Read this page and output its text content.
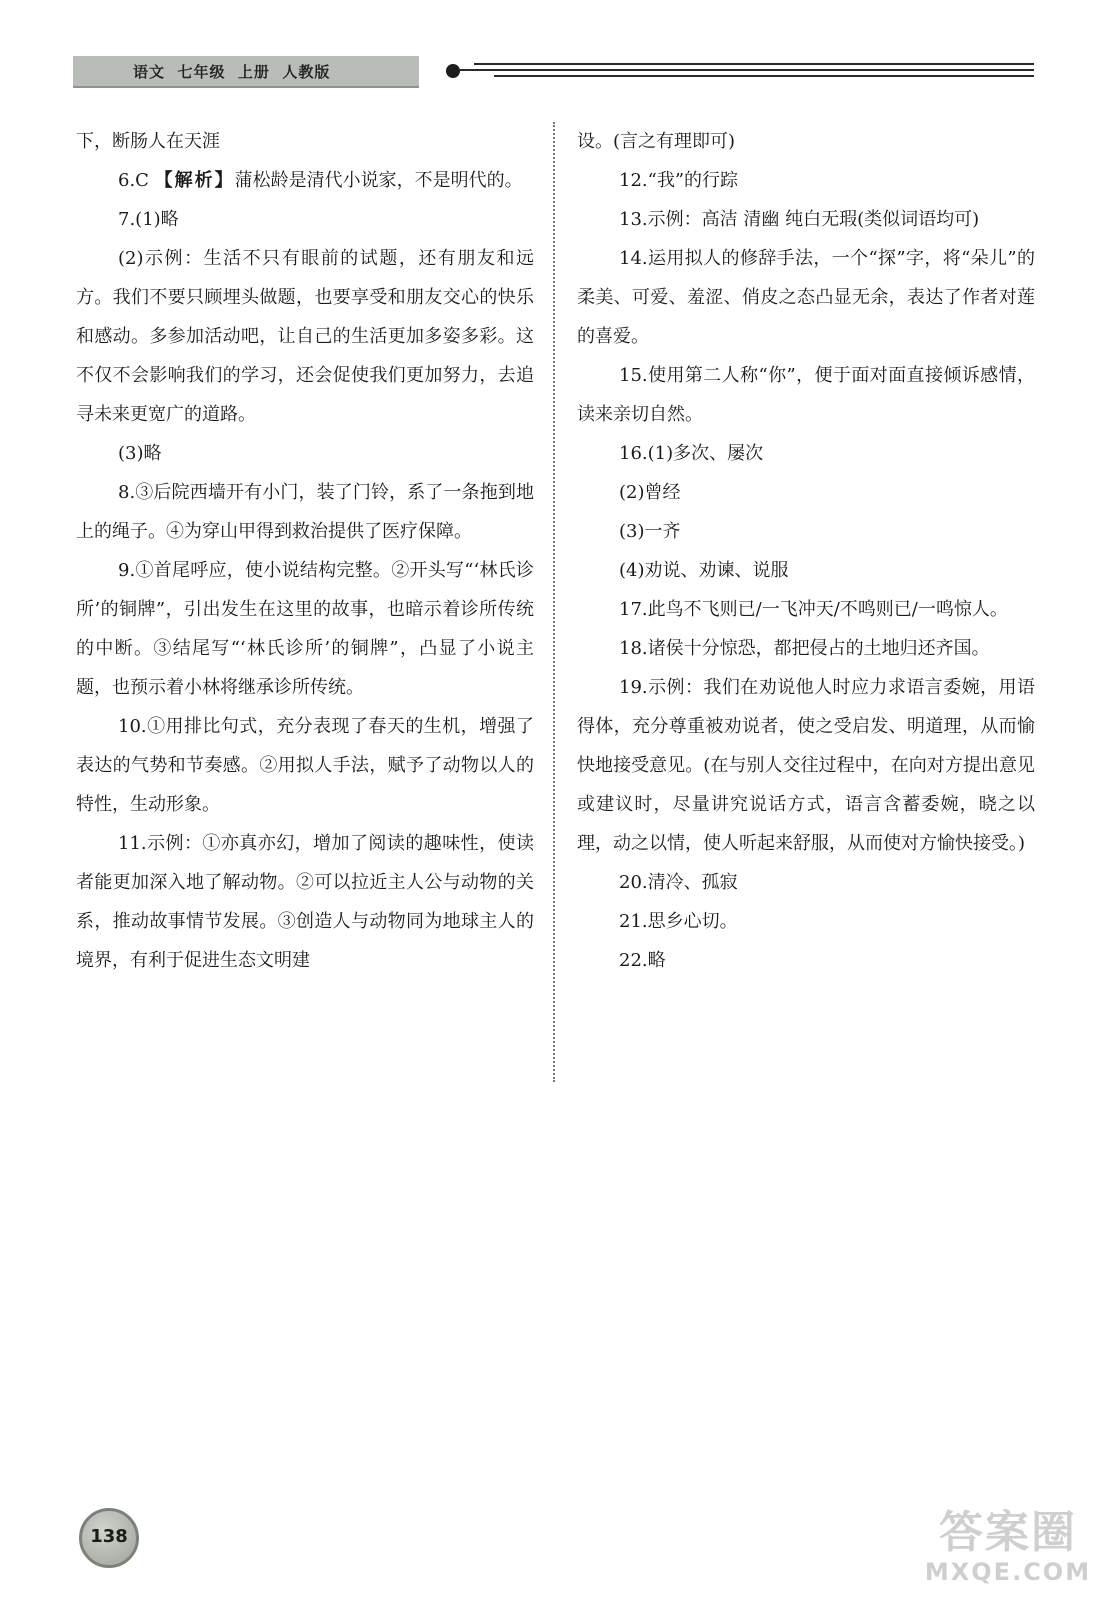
语文  七年级  上册  人教版

下，断肠人在天涯

6.C 【解析】蒲松龄是清代小说家，不是明代的。

7.(1)略

(2)示例：生活不只有眼前的试题，还有朋友和远方。我们不要只顾埋头做题，也要享受和朋友交心的快乐和感动。多参加活动吧，让自己的生活更加多姿多彩。这不仅不会影响我们的学习，还会促使我们更加努力，去追寻未来更宽广的道路。

(3)略

8.③后院西墙开有小门，装了门铃，系了一条拖到地上的绳子。④为穿山甲得到救治提供了医疗保障。

9.①首尾呼应，使小说结构完整。②开头写“‘林氏诊所’的铜牌”，引出发生在这里的故事，也暗示着诊所传统的中断。③结尾写“‘林氏诊所’的铜牌”，凸显了小说主题，也预示着小林将继承诊所传统。

10.①用排比句式，充分表现了春天的生机，增强了表达的气势和节奏感。②用拟人手法，赋予了动物以人的特性，生动形象。

11.示例：①亦真亦幻，增加了阅读的趣味性，使读者能更加深入地了解动物。②可以拉近主人公与动物的关系，推动故事情节发展。③创造人与动物同为地球主人的境界，有利于促进生态文明建

设。(言之有理即可)

12.“我”的行踪

13.示例：高洁 清幽 纯白无瑕(类似词语均可)

14.运用拟人的修辞手法，一个“探”字，将“朵儿”的柔美、可爱、羞涩、俏皮之态凸显无余，表达了作者对莲的喜爱。

15.使用第二人称“你”，便于面对面直接倾诉感情，读来亲切自然。

16.(1)多次、屡次

(2)曾经

(3)一齐

(4)劝说、劝谏、说服

17.此鸟不飞则已/一飞冲天/不鸣则已/一鸣惊人。

18.诸侯十分惊恐，都把侵占的土地归还齐国。

19.示例：我们在劝说他人时应力求语言委婉，用语得体，充分尊重被劝说者，使之受启发、明道理，从而愉快地接受意见。(在与别人交往过程中，在向对方提出意见或建议时，尽量讲究说话方式，语言含蓄委婉，晓之以理，动之以情，使人听起来舒服，从而使对方愉快接受。)

20.清冷、孤寂

21.思乡心切。

22.略

138	答案圈
MXQE.COM
